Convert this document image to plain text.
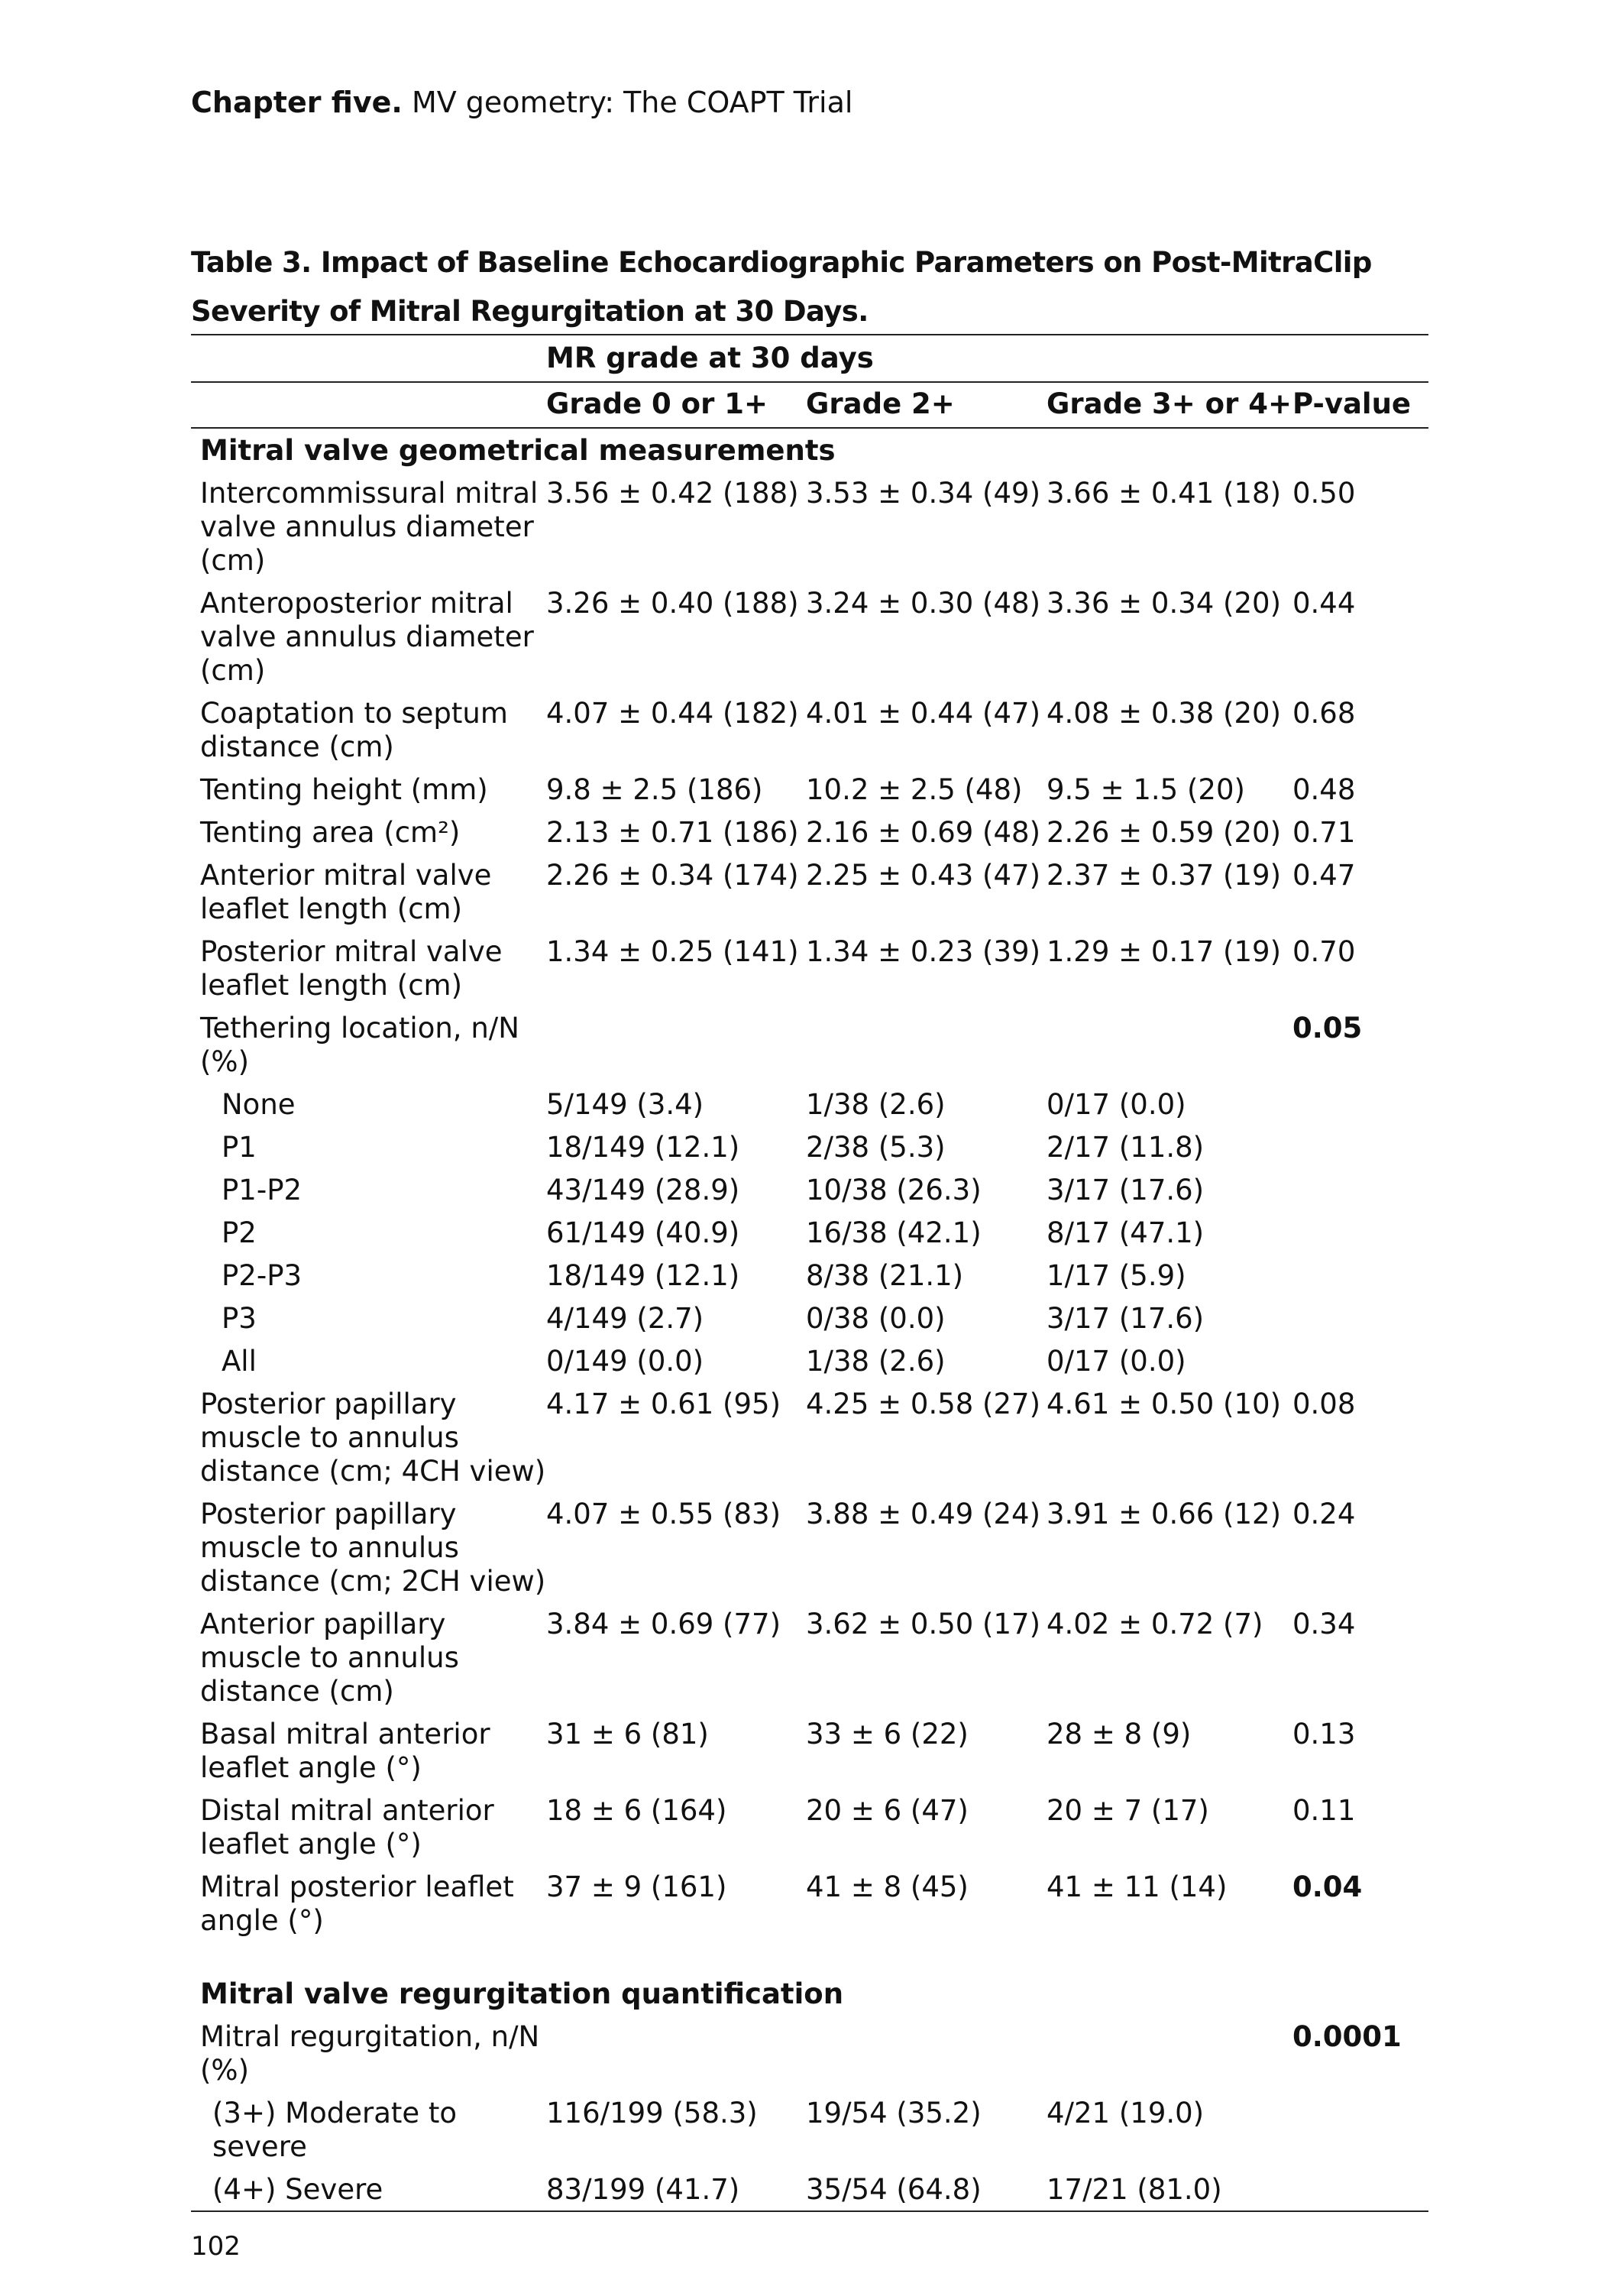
Chapter five. MV geometry: The COAPT Trial
Table 3. Impact of Baseline Echocardiographic Parameters on Post-MitraClip Severity of Mitral Regurgitation at 30 Days.
	MR grade at 30 days			
	Grade 0 or 1+	Grade 2+	Grade 3+ or 4+	P-value
Mitral valve geometrical measurements				
Intercommissural mitral valve annulus diameter (cm)	3.56 ± 0.42 (188)	3.53 ± 0.34 (49)	3.66 ± 0.41 (18)	0.50
Anteroposterior mitral valve annulus diameter (cm)	3.26 ± 0.40 (188)	3.24 ± 0.30 (48)	3.36 ± 0.34 (20)	0.44
Coaptation to septum distance (cm)	4.07 ± 0.44 (182)	4.01 ± 0.44 (47)	4.08 ± 0.38 (20)	0.68
Tenting height (mm)	9.8 ± 2.5 (186)	10.2 ± 2.5 (48)	9.5 ± 1.5 (20)	0.48
Tenting area (cm²)	2.13 ± 0.71 (186)	2.16 ± 0.69 (48)	2.26 ± 0.59 (20)	0.71
Anterior mitral valve leaflet length (cm)	2.26 ± 0.34 (174)	2.25 ± 0.43 (47)	2.37 ± 0.37 (19)	0.47
Posterior mitral valve leaflet length (cm)	1.34 ± 0.25 (141)	1.34 ± 0.23 (39)	1.29 ± 0.17 (19)	0.70
Tethering location, n/N (%)				0.05
None	5/149 (3.4)	1/38 (2.6)	0/17 (0.0)	
P1	18/149 (12.1)	2/38 (5.3)	2/17 (11.8)	
P1-P2	43/149 (28.9)	10/38 (26.3)	3/17 (17.6)	
P2	61/149 (40.9)	16/38 (42.1)	8/17 (47.1)	
P2-P3	18/149 (12.1)	8/38 (21.1)	1/17 (5.9)	
P3	4/149 (2.7)	0/38 (0.0)	3/17 (17.6)	
All	0/149 (0.0)	1/38 (2.6)	0/17 (0.0)	
Posterior papillary muscle to annulus distance (cm; 4CH view)	4.17 ± 0.61 (95)	4.25 ± 0.58 (27)	4.61 ± 0.50 (10)	0.08
Posterior papillary muscle to annulus distance (cm; 2CH view)	4.07 ± 0.55 (83)	3.88 ± 0.49 (24)	3.91 ± 0.66 (12)	0.24
Anterior papillary muscle to annulus distance (cm)	3.84 ± 0.69 (77)	3.62 ± 0.50 (17)	4.02 ± 0.72 (7)	0.34
Basal mitral anterior leaflet angle (°)	31 ± 6 (81)	33 ± 6 (22)	28 ± 8 (9)	0.13
Distal mitral anterior leaflet angle (°)	18 ± 6 (164)	20 ± 6 (47)	20 ± 7 (17)	0.11
Mitral posterior leaflet angle (°)	37 ± 9 (161)	41 ± 8 (45)	41 ± 11 (14)	0.04

Mitral valve regurgitation quantification				
Mitral regurgitation, n/N (%)				0.0001
(3+) Moderate to severe	116/199 (58.3)	19/54 (35.2)	4/21 (19.0)	
(4+) Severe	83/199 (41.7)	35/54 (64.8)	17/21 (81.0)	
102
